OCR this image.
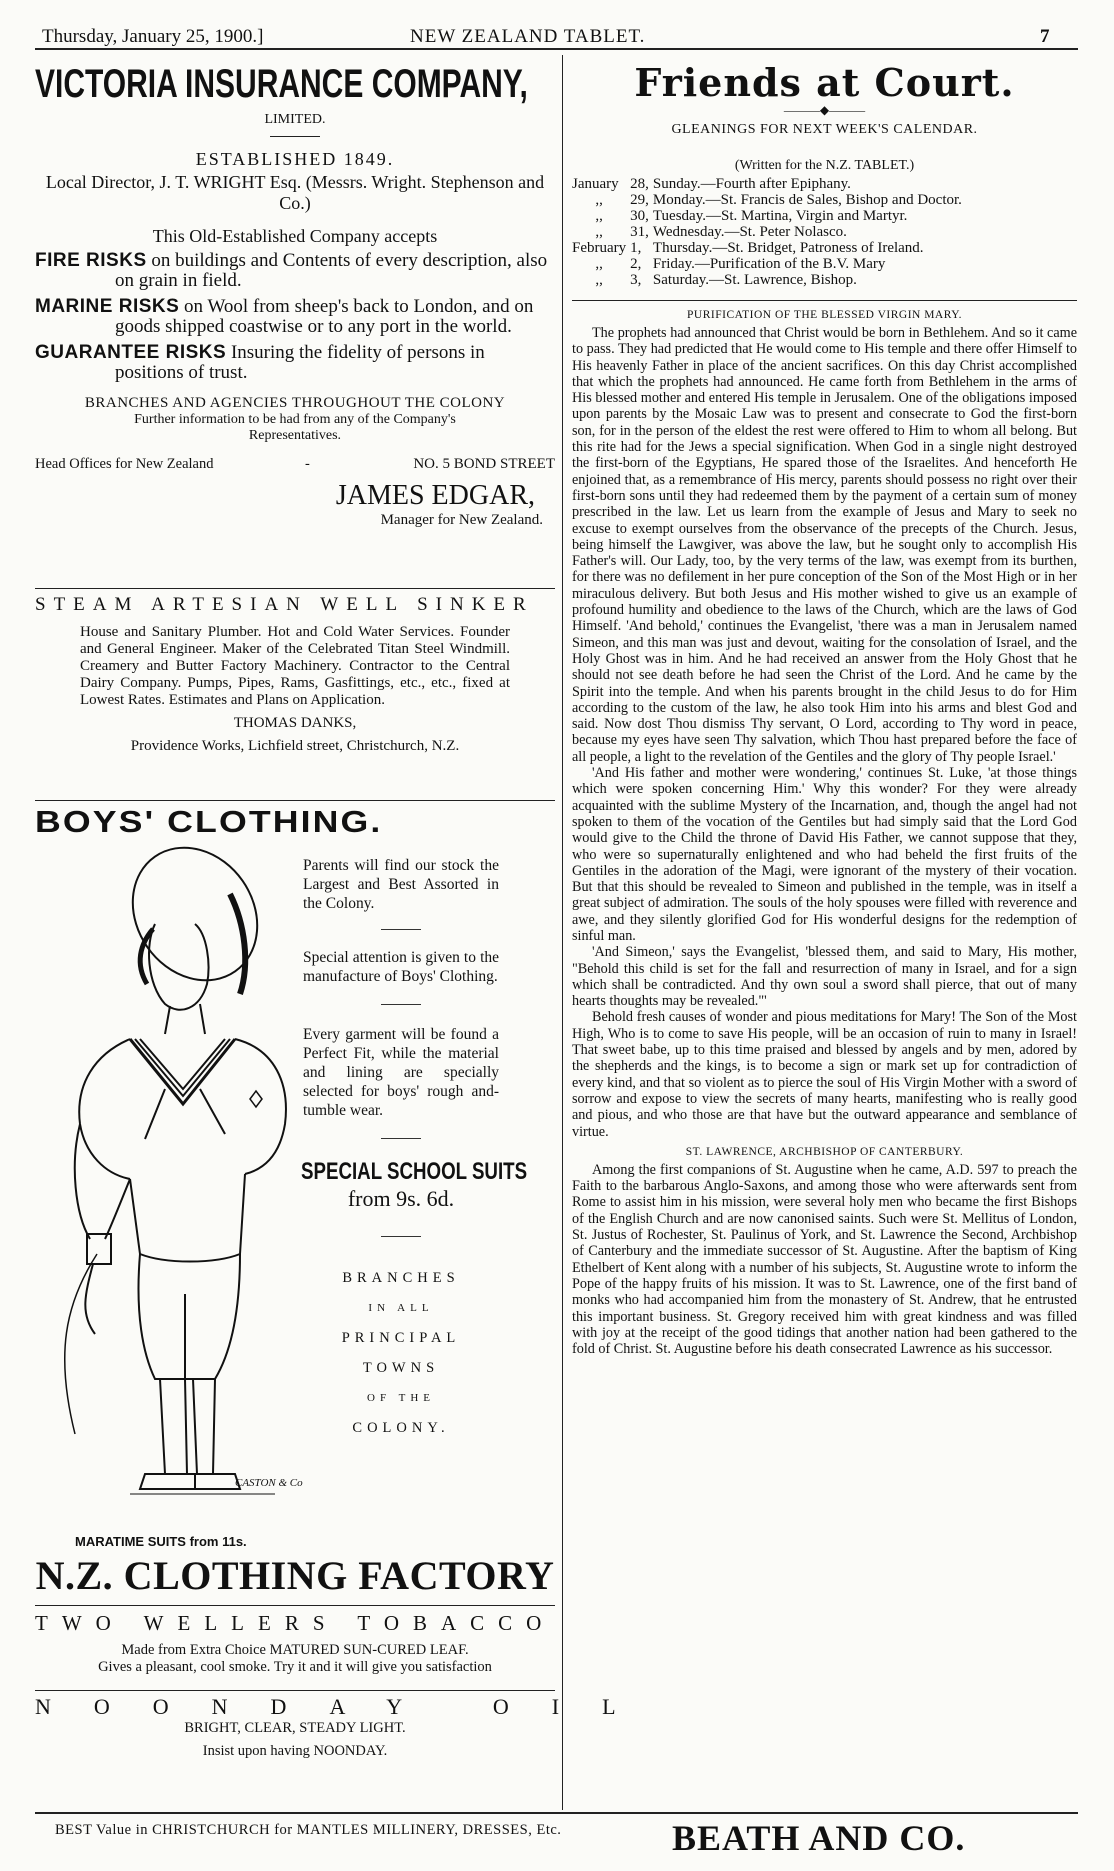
Thursday, January 25, 1900.]	NEW ZEALAND TABLET.	7
VICTORIA INSURANCE COMPANY,
LIMITED.
ESTABLISHED 1849.
Local Director, J. T. WRIGHT Esq. (Messrs. Wright. Stephenson and Co.)
This Old-Established Company accepts
FIRE RISKS on buildings and Contents of every description, also on grain in field.
MARINE RISKS on Wool from sheep's back to London, and on goods shipped coastwise or to any port in the world.
GUARANTEE RISKS Insuring the fidelity of persons in positions of trust.
BRANCHES AND AGENCIES THROUGHOUT THE COLONY
Further information to be had from any of the Company's Representatives.
Head Offices for New Zealand	-	NO. 5 BOND STREET
JAMES EDGAR,
Manager for New Zealand.
STEAM ARTESIAN WELL SINKER
House and Sanitary Plumber. Hot and Cold Water Services. Founder and General Engineer. Maker of the Celebrated Titan Steel Windmill. Creamery and Butter Factory Machinery. Contractor to the Central Dairy Company. Pumps, Pipes, Rams, Gasfittings, etc., etc., fixed at Lowest Rates. Estimates and Plans on Application.
THOMAS DANKS,
Providence Works, Lichfield street, Christchurch, N.Z.
BOYS' CLOTHING.
CASTON & Co

Parents will find our stock the Largest and Best Assorted in the Colony.

Special attention is given to the manufacture of Boys' Clothing.

Every garment will be found a Perfect Fit, while the material and lining are specially selected for boys' rough and-tumble wear.

SPECIAL SCHOOL SUITS
from 9s. 6d.
BRANCHES
IN ALL
PRINCIPAL TOWNS
OF THE
COLONY.
MARATIME SUITS from 11s.
N.Z. CLOTHING FACTORY
TWO WELLERS TOBACCO
Made from Extra Choice MATURED SUN-CURED LEAF.
Gives a pleasant, cool smoke. Try it and it will give you satisfaction
NOONDAY OIL
BRIGHT, CLEAR, STEADY LIGHT.
Insist upon having NOONDAY.
Friends at Court.
———◆———
GLEANINGS FOR NEXT WEEK'S CALENDAR.
(Written for the N.Z. TABLET.)
January	28,	Sunday.—Fourth after Epiphany.
,,	29,	Monday.—St. Francis de Sales, Bishop and Doctor.
,,	30,	Tuesday.—St. Martina, Virgin and Martyr.
,,	31,	Wednesday.—St. Peter Nolasco.
February	1,	Thursday.—St. Bridget, Patroness of Ireland.
,,	2,	Friday.—Purification of the B.V. Mary
,,	3,	Saturday.—St. Lawrence, Bishop.
PURIFICATION OF THE BLESSED VIRGIN MARY.

The prophets had announced that Christ would be born in Bethlehem. And so it came to pass. They had predicted that He would come to His temple and there offer Himself to His heavenly Father in place of the ancient sacrifices. On this day Christ accomplished that which the prophets had announced. He came forth from Bethlehem in the arms of His blessed mother and entered His temple in Jerusalem. One of the obligations imposed upon parents by the Mosaic Law was to present and consecrate to God the first-born son, for in the person of the eldest the rest were offered to Him to whom all belong. But this rite had for the Jews a special signification. When God in a single night destroyed the first-born of the Egyptians, He spared those of the Israelites. And henceforth He enjoined that, as a remembrance of His mercy, parents should possess no right over their first-born sons until they had redeemed them by the payment of a certain sum of money prescribed in the law. Let us learn from the example of Jesus and Mary to seek no excuse to exempt ourselves from the observance of the precepts of the Church. Jesus, being himself the Lawgiver, was above the law, but he sought only to accomplish His Father's will. Our Lady, too, by the very terms of the law, was exempt from its burthen, for there was no defilement in her pure conception of the Son of the Most High or in her miraculous delivery. But both Jesus and His mother wished to give us an example of profound humility and obedience to the laws of the Church, which are the laws of God Himself. 'And behold,' continues the Evangelist, 'there was a man in Jerusalem named Simeon, and this man was just and devout, waiting for the consolation of Israel, and the Holy Ghost was in him. And he had received an answer from the Holy Ghost that he should not see death before he had seen the Christ of the Lord. And he came by the Spirit into the temple. And when his parents brought in the child Jesus to do for Him according to the custom of the law, he also took Him into his arms and blest God and said. Now dost Thou dismiss Thy servant, O Lord, according to Thy word in peace, because my eyes have seen Thy salvation, which Thou hast prepared before the face of all people, a light to the revelation of the Gentiles and the glory of Thy people Israel.'

'And His father and mother were wondering,' continues St. Luke, 'at those things which were spoken concerning Him.' Why this wonder? For they were already acquainted with the sublime Mystery of the Incarnation, and, though the angel had not spoken to them of the vocation of the Gentiles but had simply said that the Lord God would give to the Child the throne of David His Father, we cannot suppose that they, who were so supernaturally enlightened and who had beheld the first fruits of the Gentiles in the adoration of the Magi, were ignorant of the mystery of their vocation. But that this should be revealed to Simeon and published in the temple, was in itself a great subject of admiration. The souls of the holy spouses were filled with reverence and awe, and they silently glorified God for His wonderful designs for the redemption of sinful man.

'And Simeon,' says the Evangelist, 'blessed them, and said to Mary, His mother, "Behold this child is set for the fall and resurrection of many in Israel, and for a sign which shall be contradicted. And thy own soul a sword shall pierce, that out of many hearts thoughts may be revealed."'

Behold fresh causes of wonder and pious meditations for Mary! The Son of the Most High, Who is to come to save His people, will be an occasion of ruin to many in Israel! That sweet babe, up to this time praised and blessed by angels and by men, adored by the shepherds and the kings, is to become a sign or mark set up for contradiction of every kind, and that so violent as to pierce the soul of His Virgin Mother with a sword of sorrow and expose to view the secrets of many hearts, manifesting who is really good and pious, and who those are that have but the outward appearance and semblance of virtue.

ST. LAWRENCE, ARCHBISHOP OF CANTERBURY.

Among the first companions of St. Augustine when he came, A.D. 597 to preach the Faith to the barbarous Anglo-Saxons, and among those who were afterwards sent from Rome to assist him in his mission, were several holy men who became the first Bishops of the English Church and are now canonised saints. Such were St. Mellitus of London, St. Justus of Rochester, St. Paulinus of York, and St. Lawrence the Second, Archbishop of Canterbury and the immediate successor of St. Augustine. After the baptism of King Ethelbert of Kent along with a number of his subjects, St. Augustine wrote to inform the Pope of the happy fruits of his mission. It was to St. Lawrence, one of the first band of monks who had accompanied him from the monastery of St. Andrew, that he entrusted this important business. St. Gregory received him with great kindness and was filled with joy at the receipt of the good tidings that another nation had been gathered to the fold of Christ. St. Augustine before his death consecrated Lawrence as his successor.

BEST Value in CHRISTCHURCH for MANTLES MILLINERY, DRESSES, Etc.	BEATH AND CO.
